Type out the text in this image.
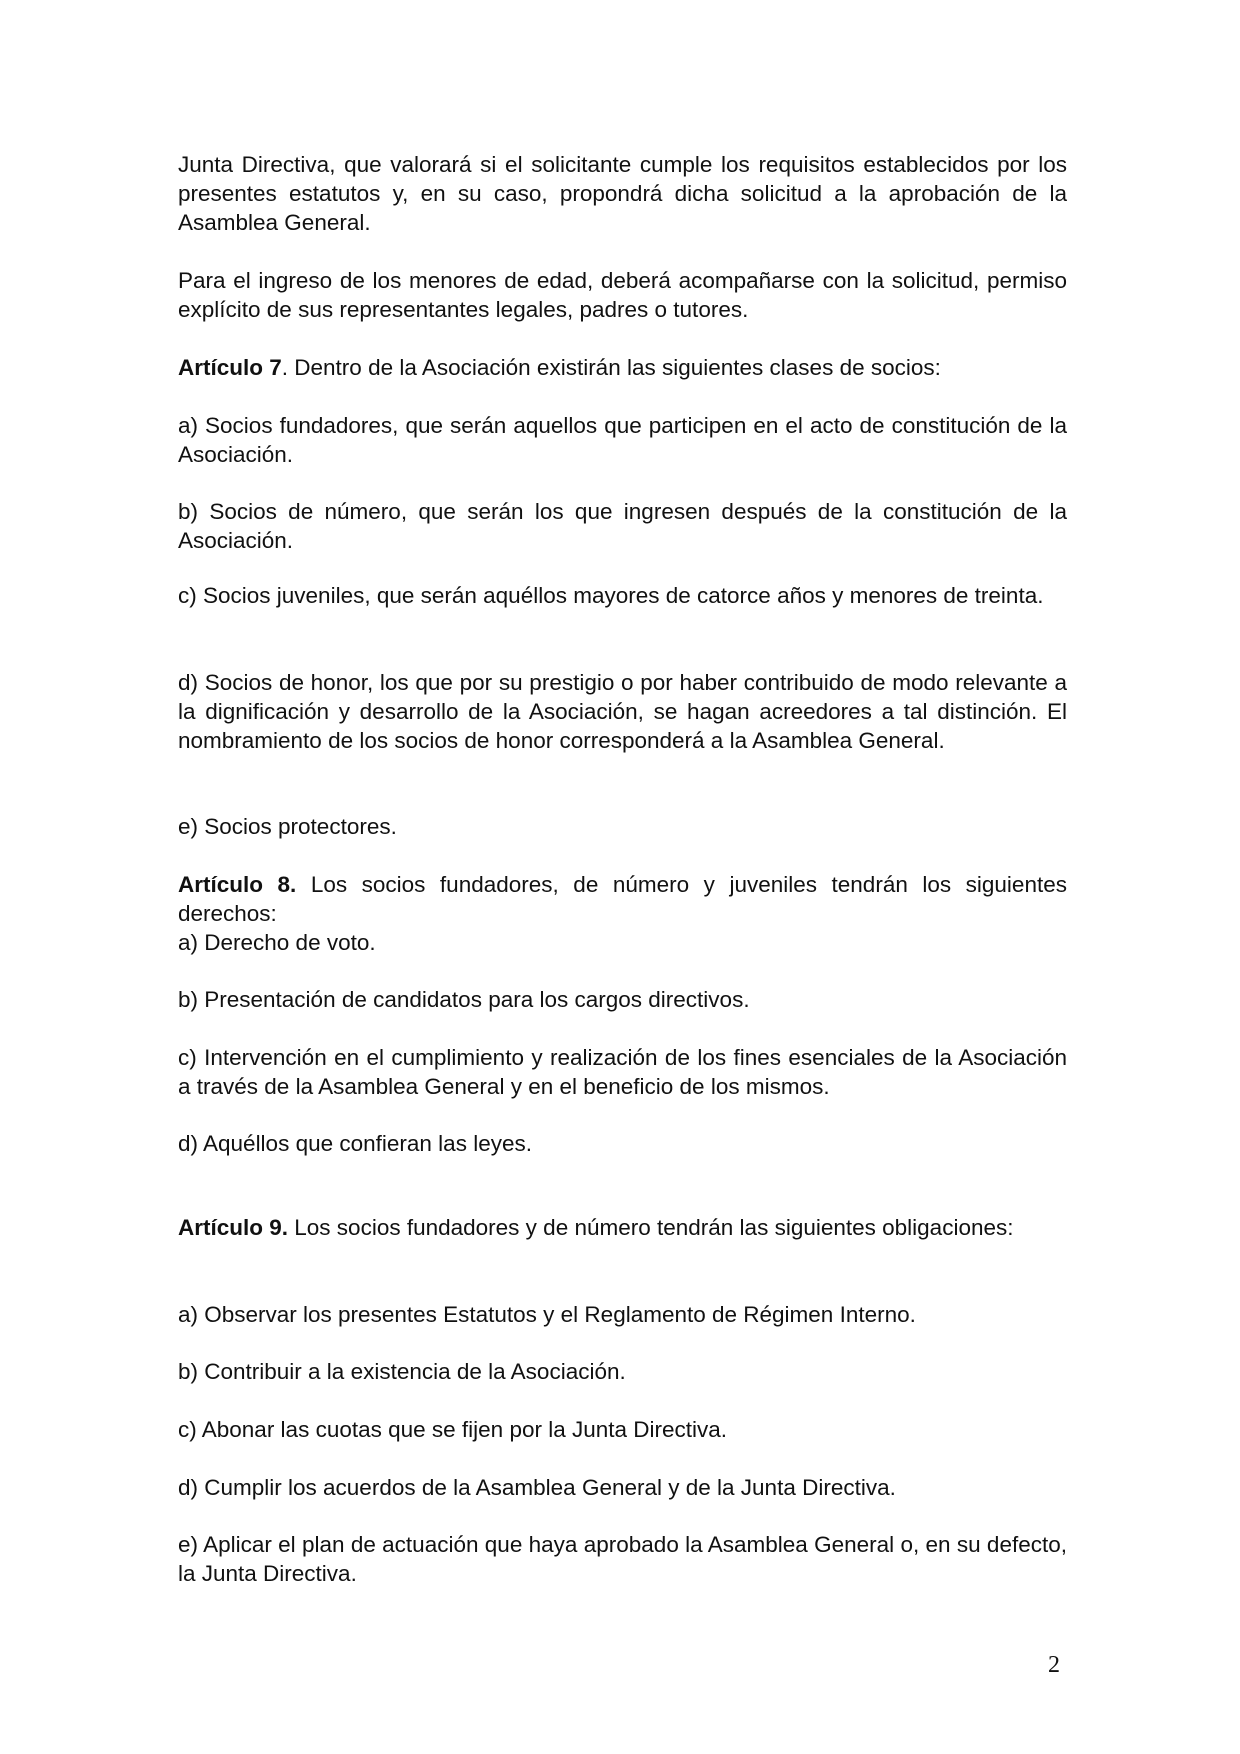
Junta Directiva, que valorará si el solicitante cumple los requisitos establecidos por los presentes estatutos y, en su caso, propondrá dicha solicitud a la aprobación de la Asamblea General.

Para el ingreso de los menores de edad, deberá acompañarse con la solicitud, permiso explícito de sus representantes legales, padres o tutores.

Artículo 7. Dentro de la Asociación existirán las siguientes clases de socios:

a) Socios fundadores, que serán aquellos que participen en el acto de constitución de la Asociación.

b) Socios de número, que serán los que ingresen después de la constitución de la Asociación.

c) Socios juveniles, que serán aquéllos mayores de catorce años y menores de treinta.

d) Socios de honor, los que por su prestigio o por haber contribuido de modo relevante a la dignificación y desarrollo de la Asociación, se hagan acreedores a tal distinción. El nombramiento de los socios de honor corresponderá a la Asamblea General.

e) Socios protectores.

Artículo 8. Los socios fundadores, de número y juveniles tendrán los siguientes derechos:

a) Derecho de voto.

b) Presentación de candidatos para los cargos directivos.

c) Intervención en el cumplimiento y realización de los fines esenciales de la Asociación a través de la Asamblea General y en el beneficio de los mismos.

d) Aquéllos que confieran las leyes.

Artículo 9. Los socios fundadores y de número tendrán las siguientes obligaciones:

a) Observar los presentes Estatutos y el Reglamento de Régimen Interno.

b) Contribuir a la existencia de la Asociación.

c) Abonar las cuotas que se fijen por la Junta Directiva.

d) Cumplir los acuerdos de la Asamblea General y de la Junta Directiva.

e) Aplicar el plan de actuación que haya aprobado la Asamblea General o, en su defecto, la Junta Directiva.

2
